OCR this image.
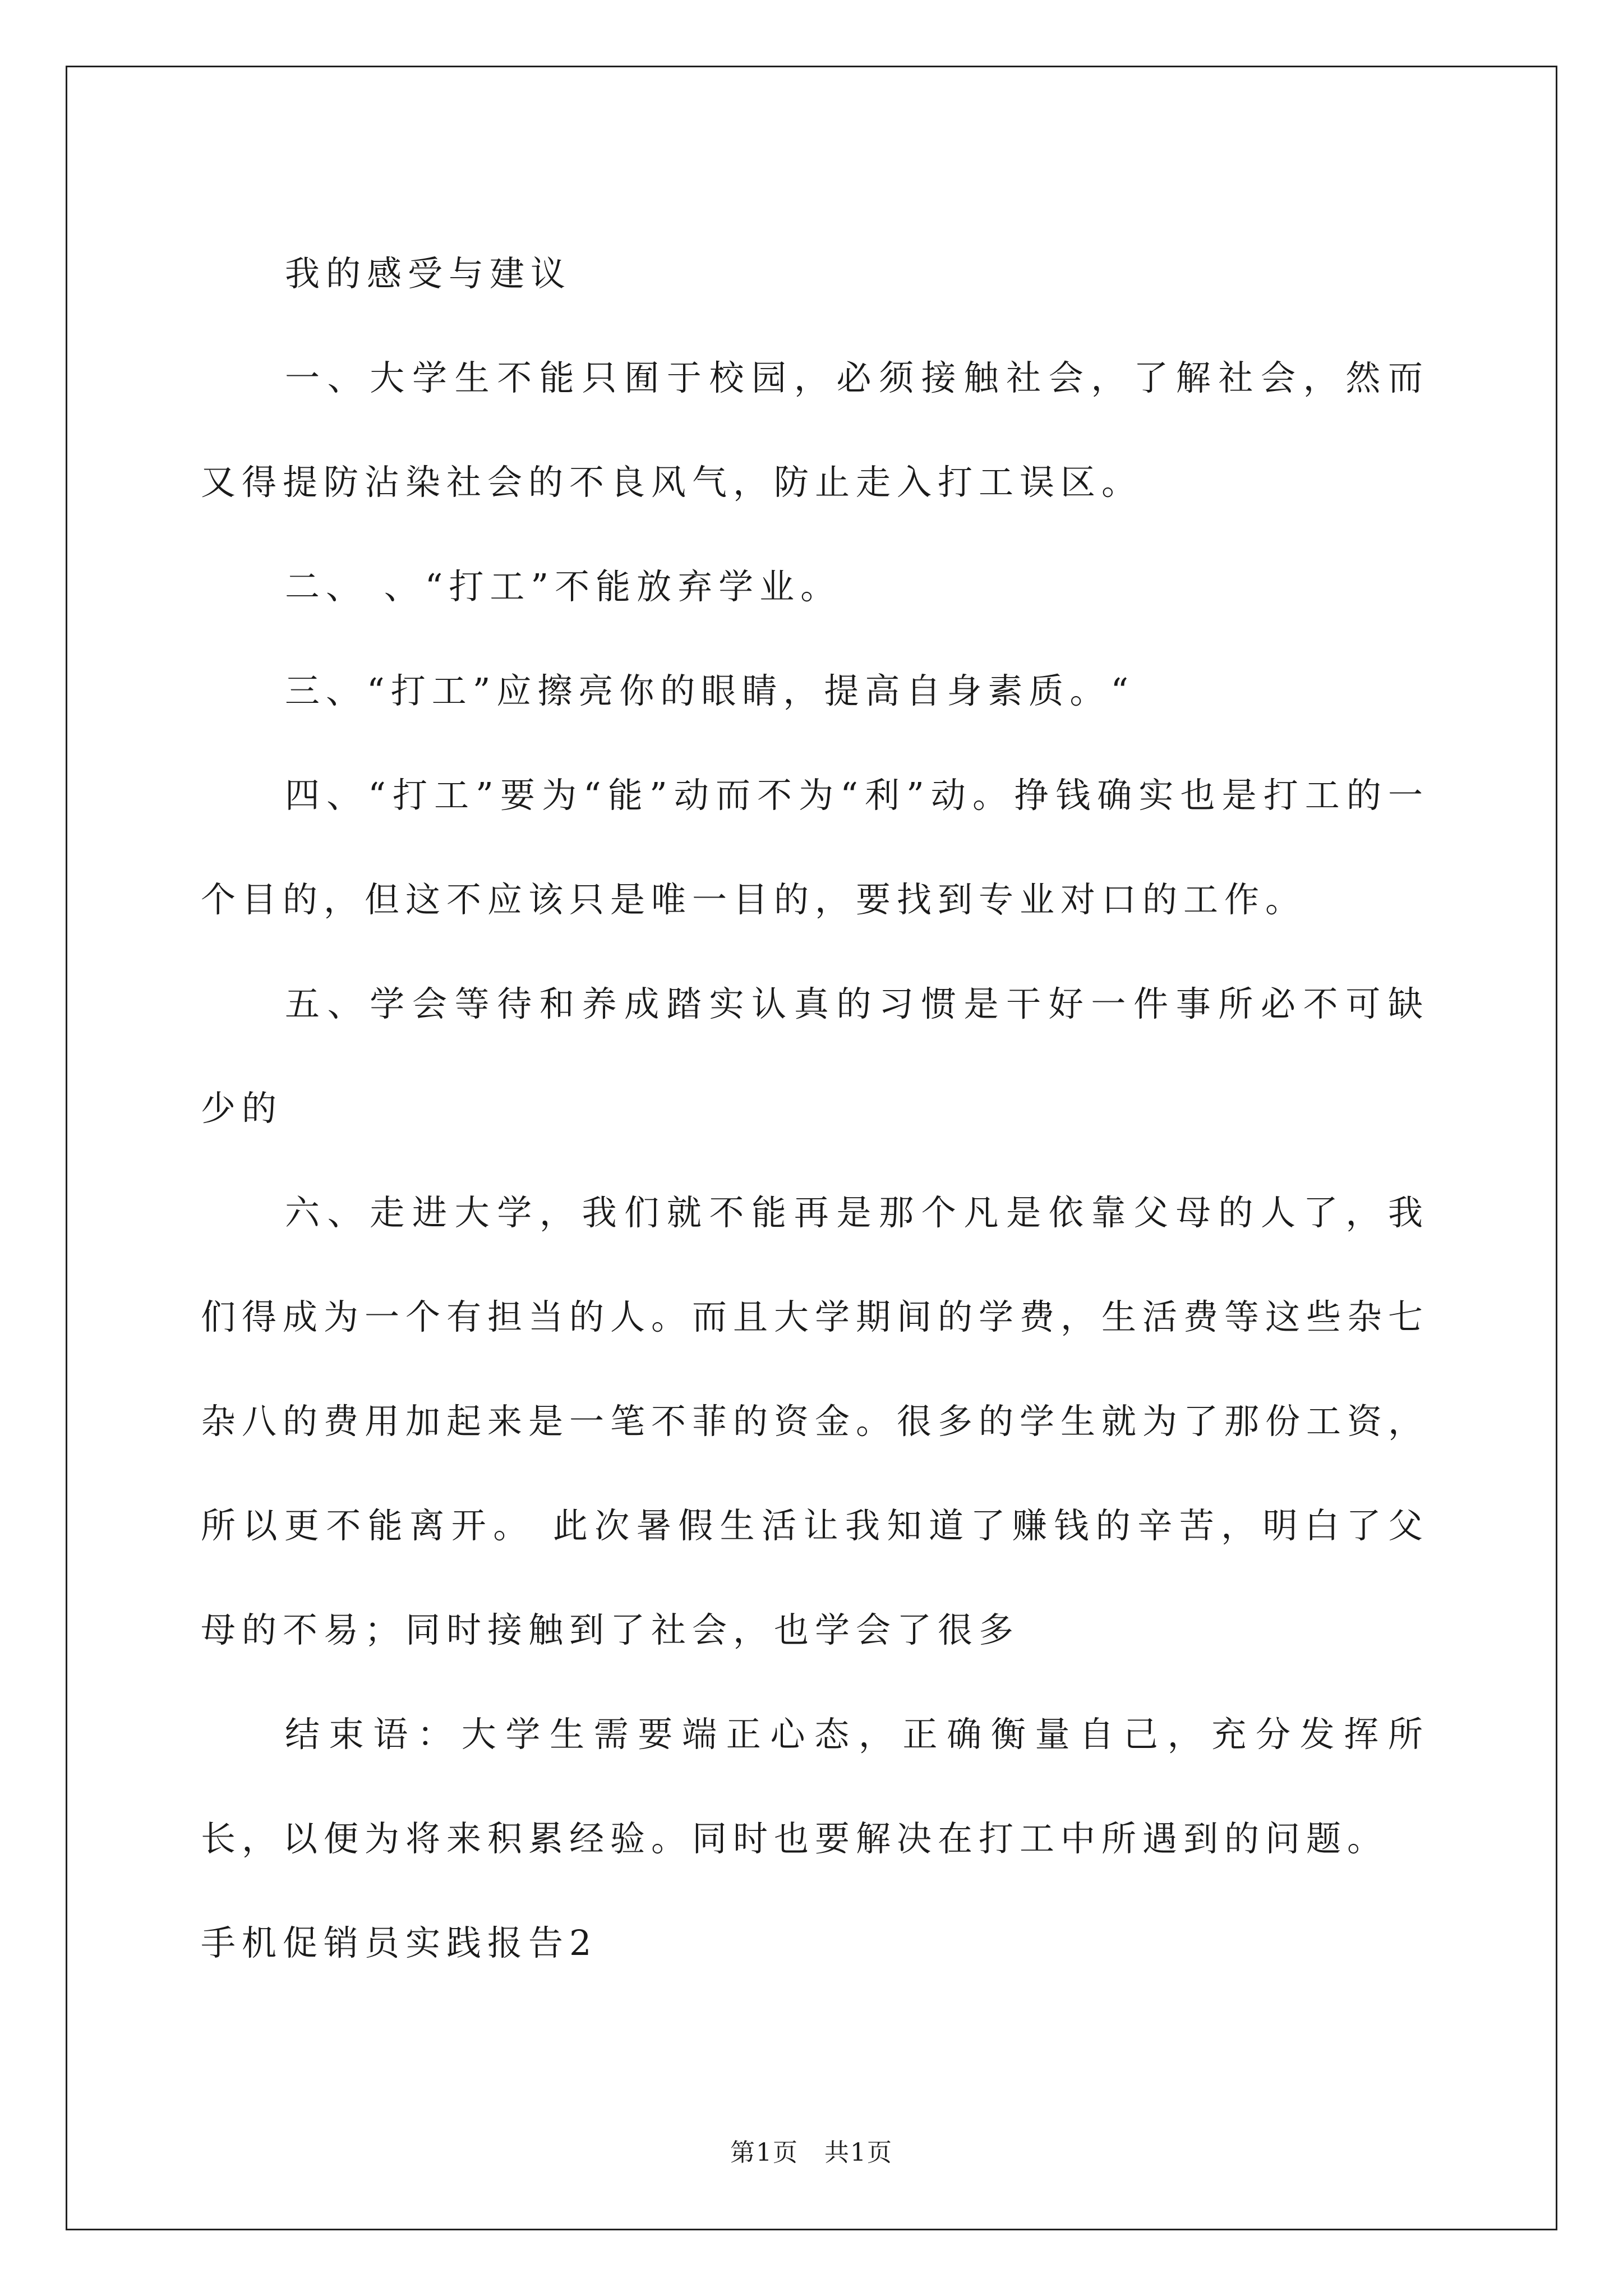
我的感受与建议

一、大学生不能只囿于校园，必须接触社会，了解社会，然而又得提防沾染社会的不良风气，防止走入打工误区。

二、 、“打工”不能放弃学业。

三、“打工”应擦亮你的眼睛，提高自身素质。“

四、“打工”要为“能”动而不为“利”动。挣钱确实也是打工的一个目的，但这不应该只是唯一目的，要找到专业对口的工作。

五、学会等待和养成踏实认真的习惯是干好一件事所必不可缺少的

六、走进大学，我们就不能再是那个凡是依靠父母的人了，我们得成为一个有担当的人。而且大学期间的学费，生活费等这些杂七杂八的费用加起来是一笔不菲的资金。很多的学生就为了那份工资，所以更不能离开。 此次暑假生活让我知道了赚钱的辛苦，明白了父母的不易；同时接触到了社会，也学会了很多

结束语：大学生需要端正心态，正确衡量自己，充分发挥所长，以便为将来积累经验。同时也要解决在打工中所遇到的问题。

手机促销员实践报告2

第1页　共1页
